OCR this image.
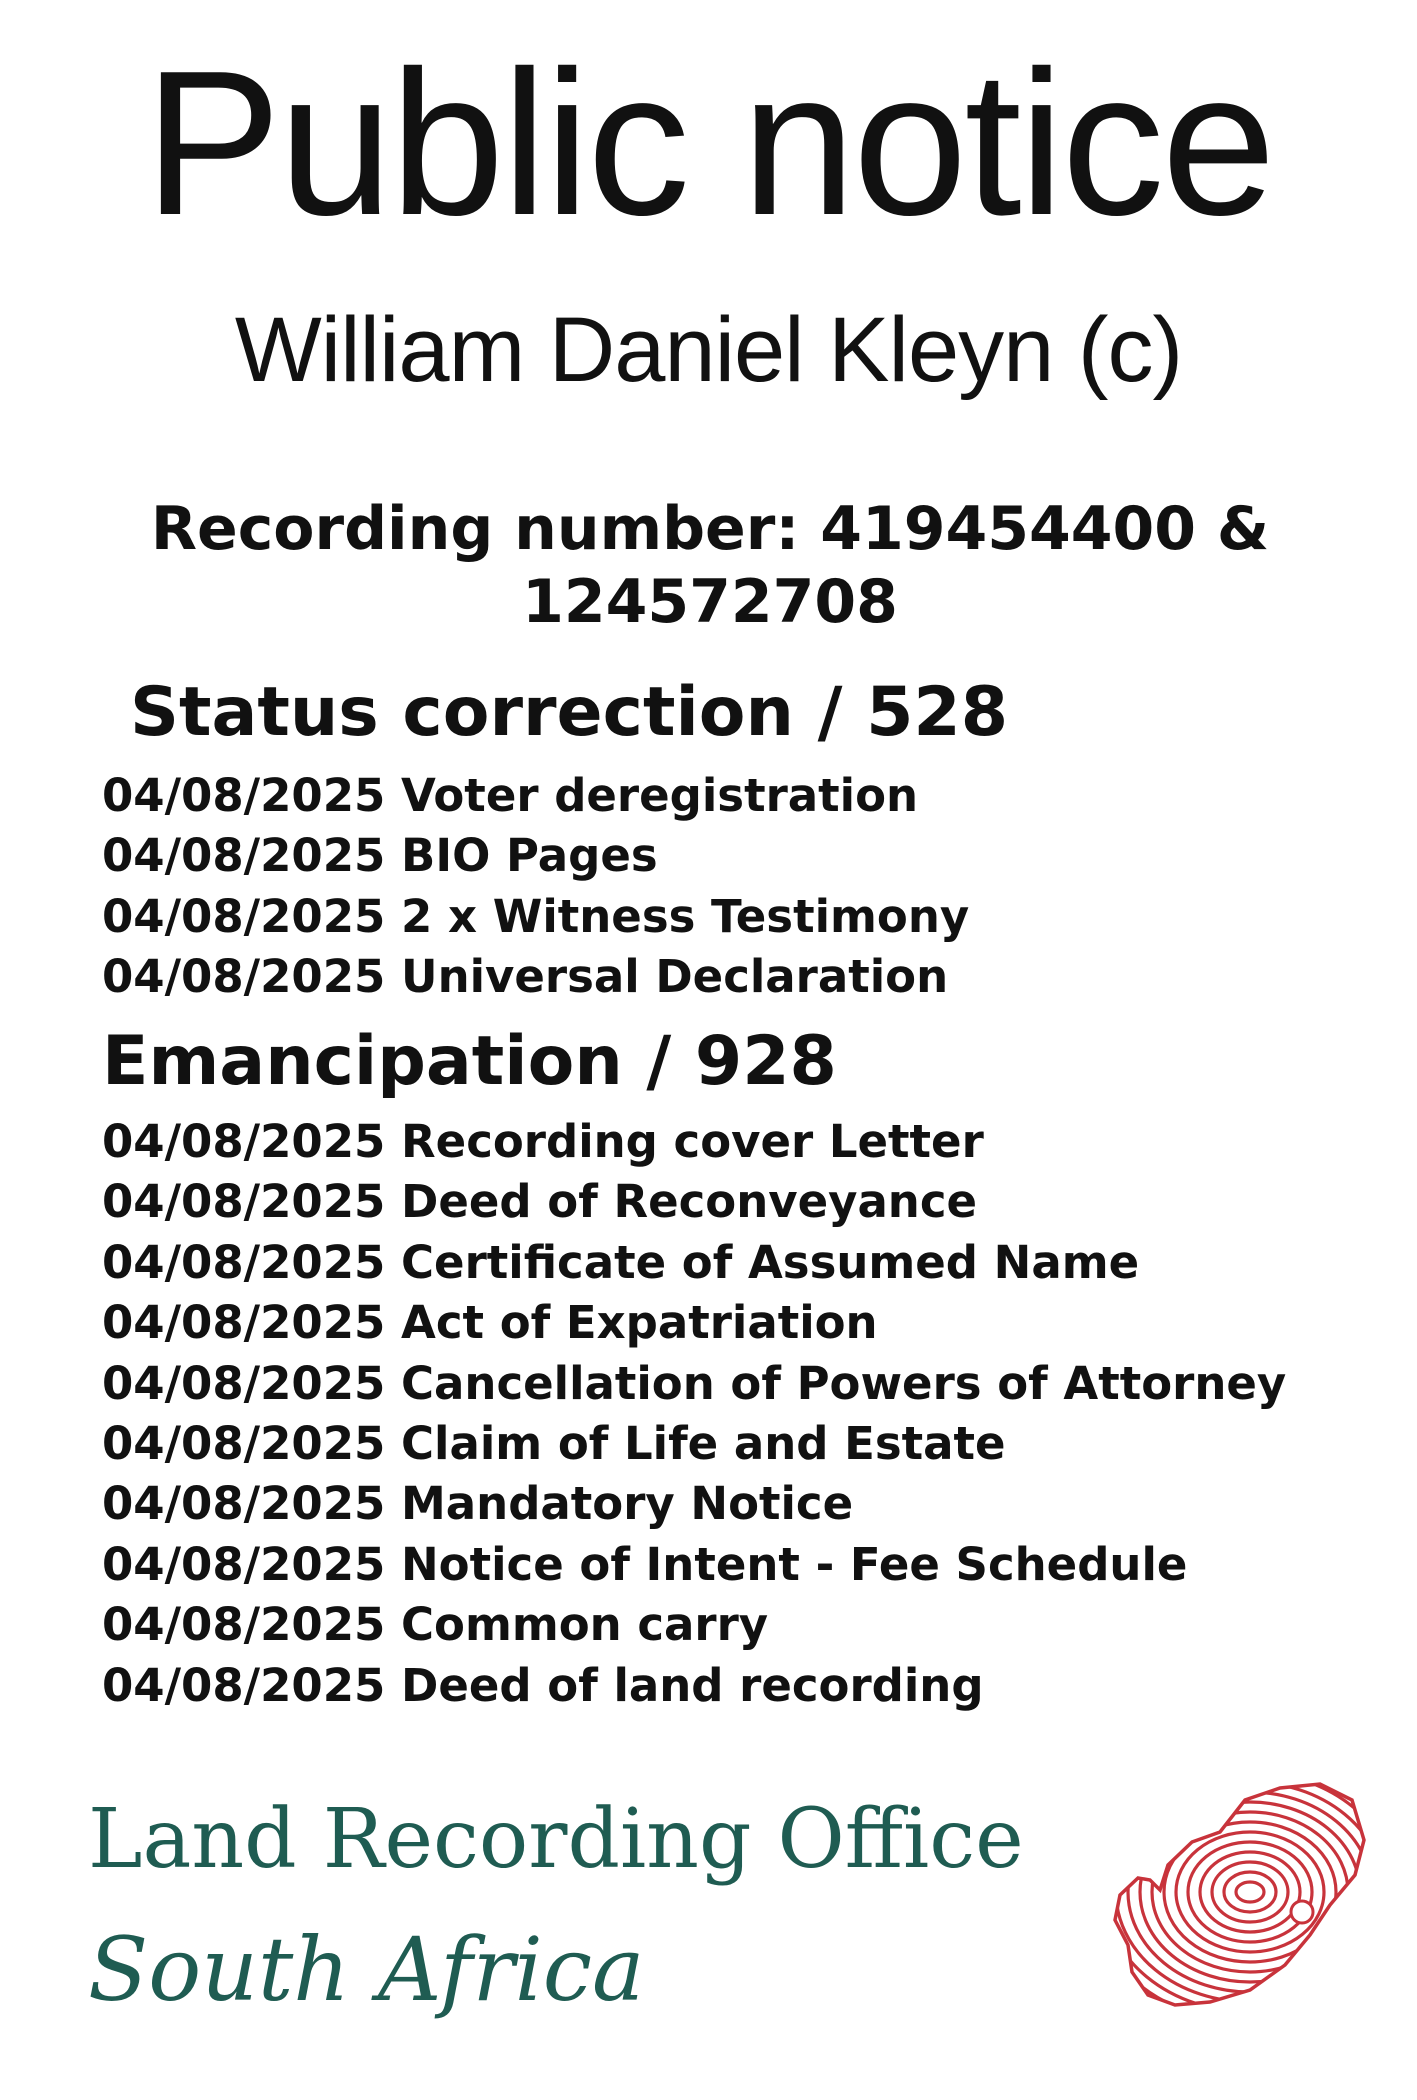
Public notice
William Daniel Kleyn (c)
Recording number: 419454400 &
124572708
Status correction / 528
04/08/2025 Voter deregistration
04/08/2025 BIO Pages
04/08/2025 2 x Witness Testimony
04/08/2025 Universal Declaration
Emancipation / 928
04/08/2025 Recording cover Letter
04/08/2025 Deed of Reconveyance
04/08/2025 Certificate of Assumed Name
04/08/2025 Act of Expatriation
04/08/2025 Cancellation of Powers of Attorney
04/08/2025 Claim of Life and Estate
04/08/2025 Mandatory Notice
04/08/2025 Notice of Intent - Fee Schedule
04/08/2025 Common carry
04/08/2025 Deed of land recording
Land Recording Office
South Africa
